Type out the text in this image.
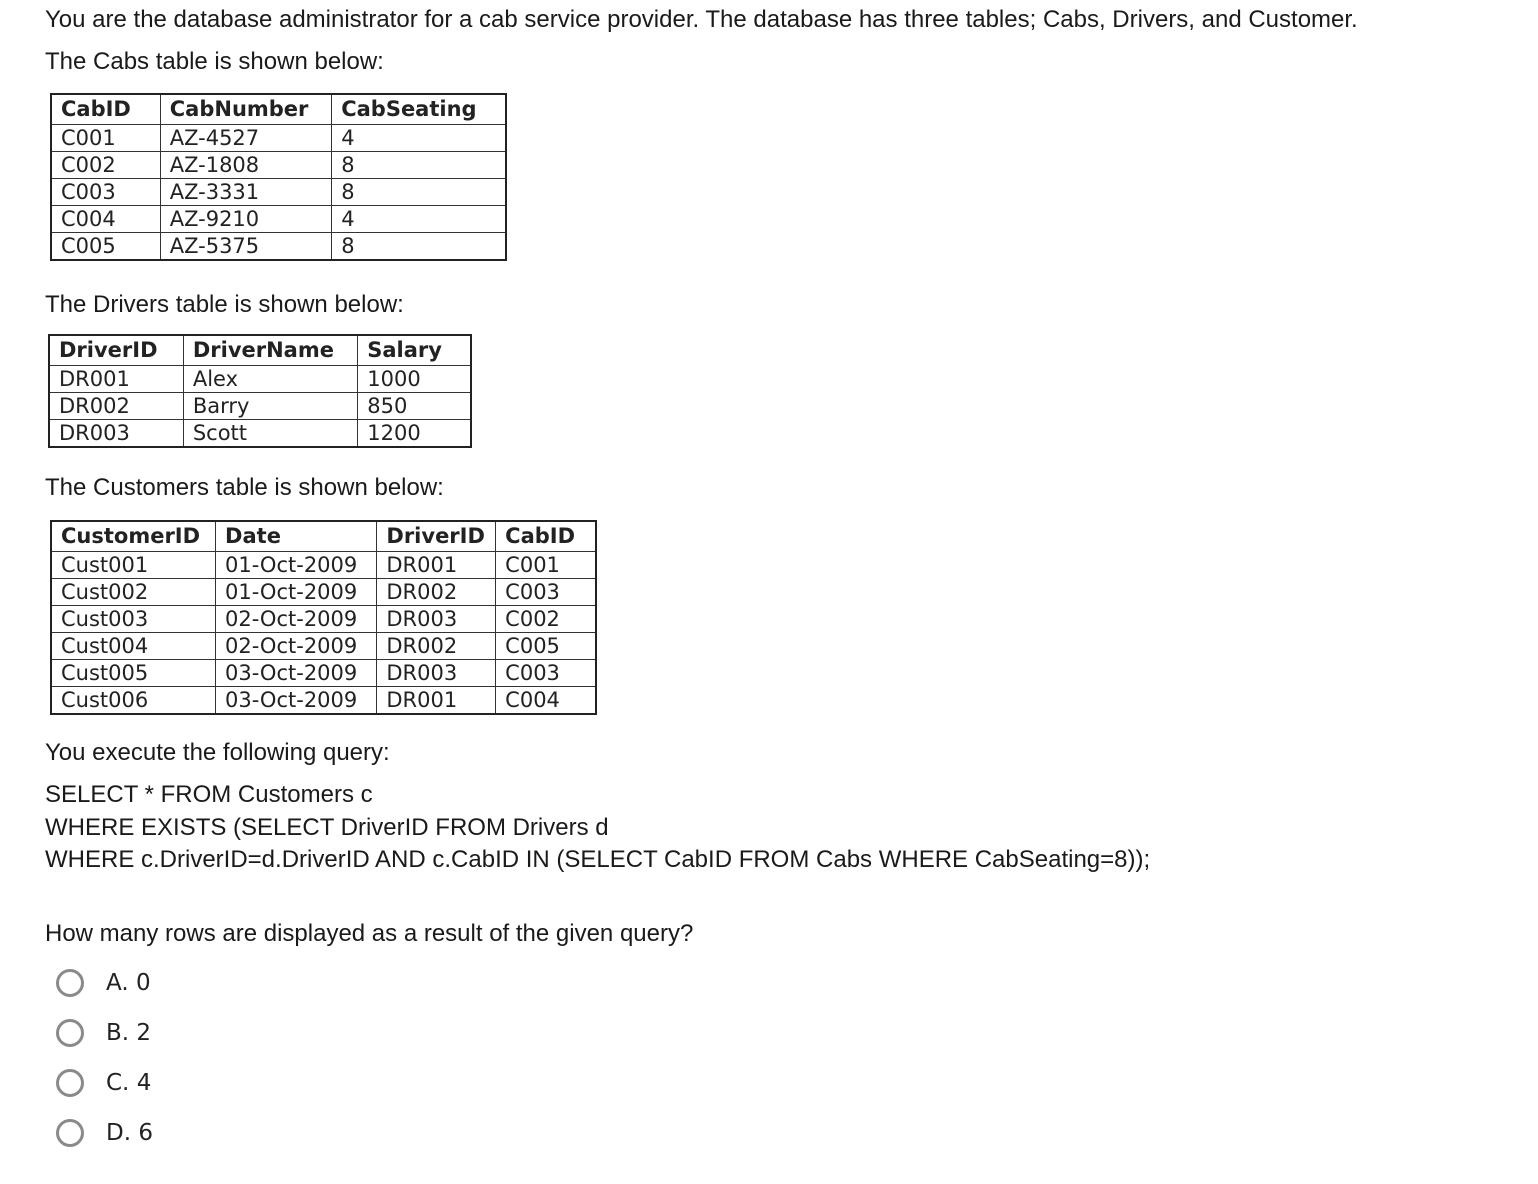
You are the database administrator for a cab service provider. The database has three tables; Cabs, Drivers, and Customer.

The Cabs table is shown below:

CabID	CabNumber	CabSeating
C001	AZ-4527	4
C002	AZ-1808	8
C003	AZ-3331	8
C004	AZ-9210	4
C005	AZ-5375	8

The Drivers table is shown below:

DriverID	DriverName	Salary
DR001	Alex	1000
DR002	Barry	850
DR003	Scott	1200

The Customers table is shown below:

CustomerID	Date	DriverID	CabID
Cust001	01-Oct-2009	DR001	C001
Cust002	01-Oct-2009	DR002	C003
Cust003	02-Oct-2009	DR003	C002
Cust004	02-Oct-2009	DR002	C005
Cust005	03-Oct-2009	DR003	C003
Cust006	03-Oct-2009	DR001	C004

You execute the following query:

SELECT * FROM Customers c

WHERE EXISTS (SELECT DriverID FROM Drivers d

WHERE c.DriverID=d.DriverID AND c.CabID IN (SELECT CabID FROM Cabs WHERE CabSeating=8));

How many rows are displayed as a result of the given query?

A. 0
B. 2
C. 4
D. 6
